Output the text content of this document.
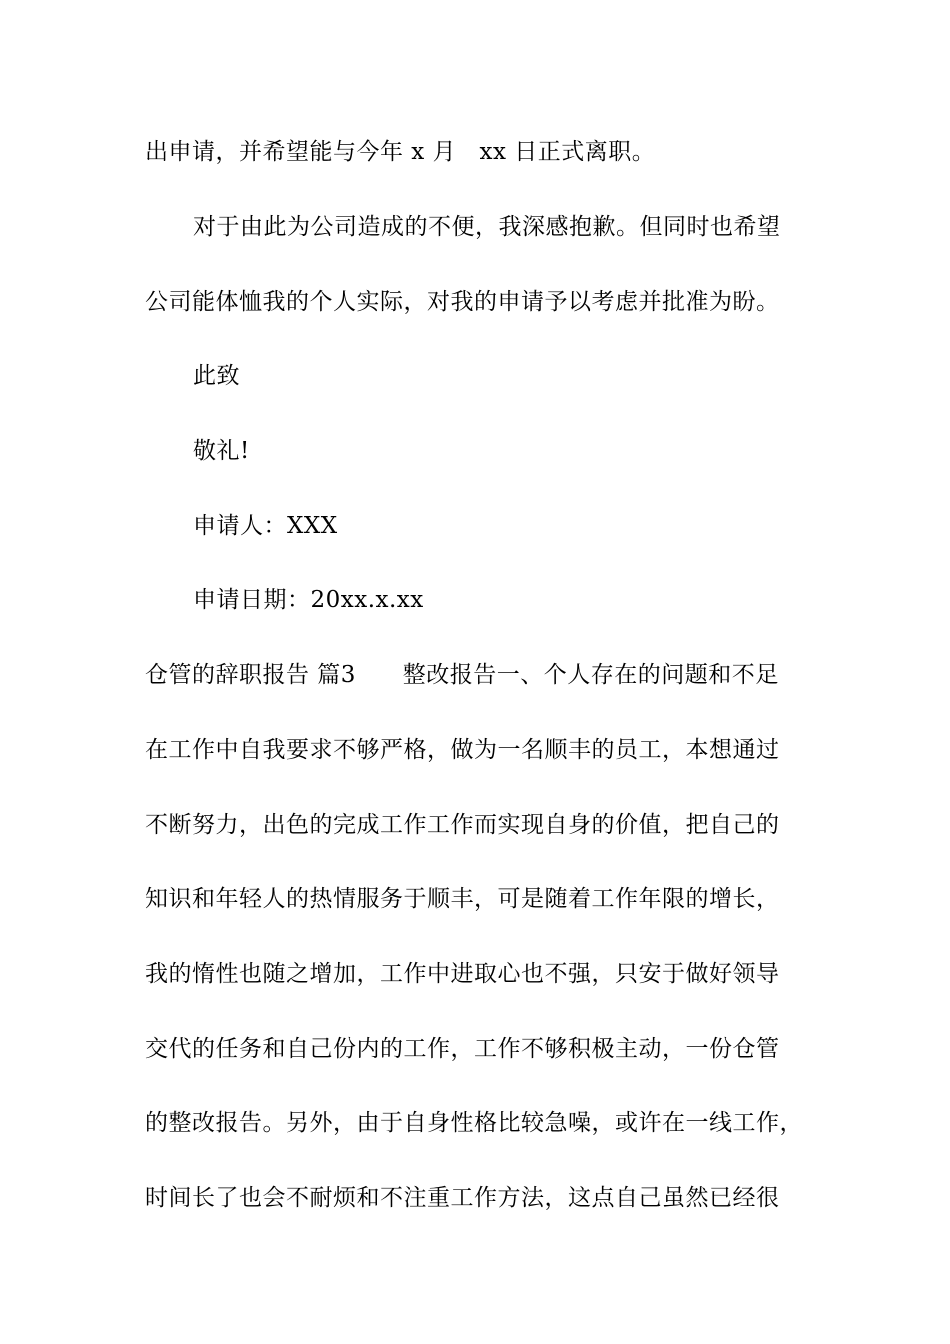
出申请，并希望能与今年 x 月   xx 日正式离职。
对于由此为公司造成的不便，我深感抱歉。但同时也希望
公司能体恤我的个人实际，对我的申请予以考虑并批准为盼。
此致
敬礼!
申请人：XXX
申请日期：20xx.x.xx
仓管的辞职报告 篇3      整改报告一、个人存在的问题和不足
在工作中自我要求不够严格，做为一名顺丰的员工，本想通过
不断努力，出色的完成工作工作而实现自身的价值，把自己的
知识和年轻人的热情服务于顺丰，可是随着工作年限的增长，
我的惰性也随之增加，工作中进取心也不强，只安于做好领导
交代的任务和自己份内的工作，工作不够积极主动，一份仓管
的整改报告。另外，由于自身性格比较急噪，或许在一线工作，
时间长了也会不耐烦和不注重工作方法，这点自己虽然已经很
